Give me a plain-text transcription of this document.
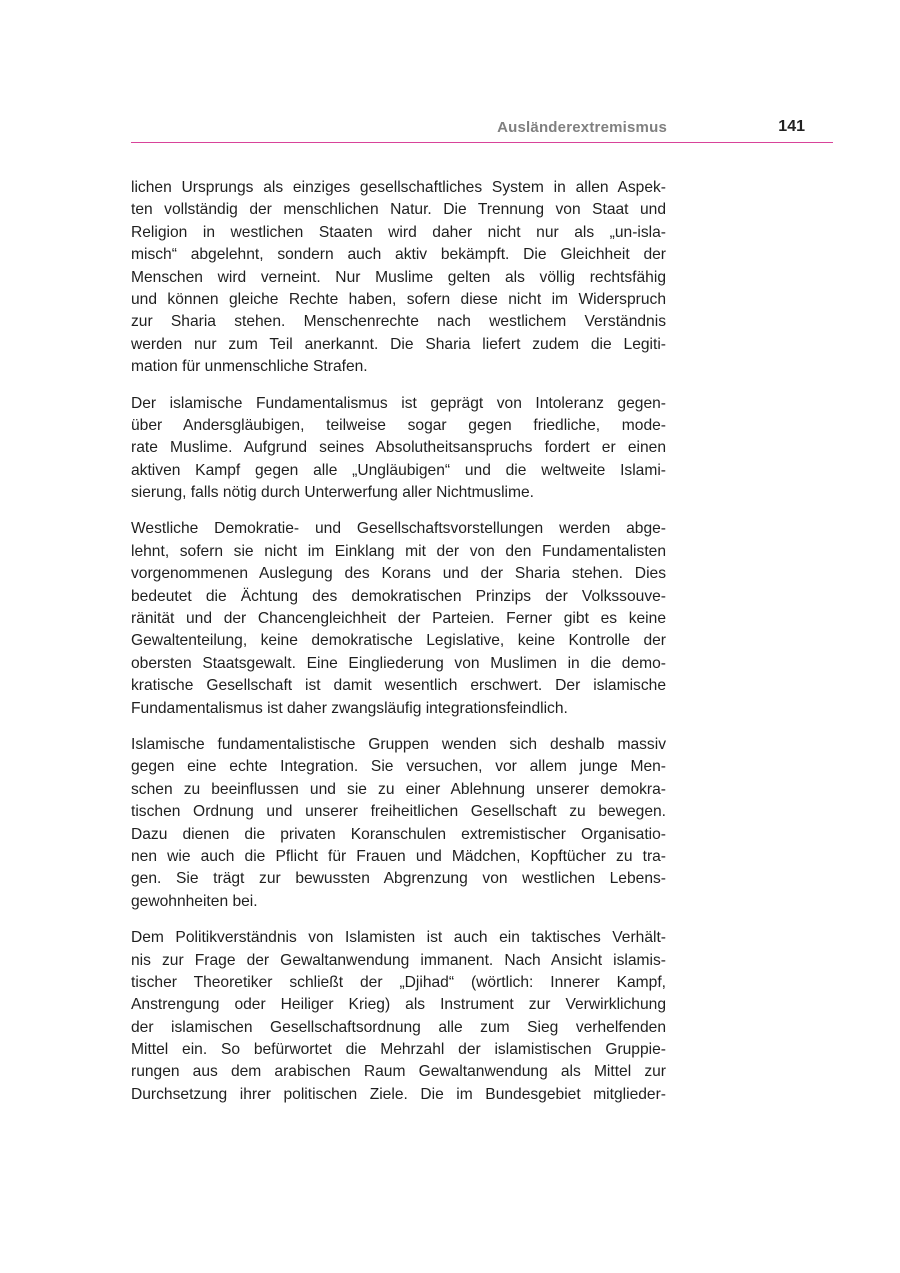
Ausländerextremismus	141
lichen Ursprungs als einziges gesellschaftliches System in allen Aspek-
ten vollständig der menschlichen Natur. Die Trennung von Staat und
Religion in westlichen Staaten wird daher nicht nur als „un-isla-
misch“ abgelehnt, sondern auch aktiv bekämpft. Die Gleichheit der
Menschen wird verneint. Nur Muslime gelten als völlig rechtsfähig
und können gleiche Rechte haben, sofern diese nicht im Widerspruch
zur Sharia stehen. Menschenrechte nach westlichem Verständnis
werden nur zum Teil anerkannt. Die Sharia liefert zudem die Legiti-
mation für unmenschliche Strafen.
Der islamische Fundamentalismus ist geprägt von Intoleranz gegen-
über Andersgläubigen, teilweise sogar gegen friedliche, mode-
rate Muslime. Aufgrund seines Absolutheitsanspruchs fordert er einen
aktiven Kampf gegen alle „Ungläubigen“ und die weltweite Islami-
sierung, falls nötig durch Unterwerfung aller Nichtmuslime.
Westliche Demokratie- und Gesellschaftsvorstellungen werden abge-
lehnt, sofern sie nicht im Einklang mit der von den Fundamentalisten
vorgenommenen Auslegung des Korans und der Sharia stehen. Dies
bedeutet die Ächtung des demokratischen Prinzips der Volkssouve-
ränität und der Chancengleichheit der Parteien. Ferner gibt es keine
Gewaltenteilung, keine demokratische Legislative, keine Kontrolle der
obersten Staatsgewalt. Eine Eingliederung von Muslimen in die demo-
kratische Gesellschaft ist damit wesentlich erschwert. Der islamische
Fundamentalismus ist daher zwangsläufig integrationsfeindlich.
Islamische fundamentalistische Gruppen wenden sich deshalb massiv
gegen eine echte Integration. Sie versuchen, vor allem junge Men-
schen zu beeinflussen und sie zu einer Ablehnung unserer demokra-
tischen Ordnung und unserer freiheitlichen Gesellschaft zu bewegen.
Dazu dienen die privaten Koranschulen extremistischer Organisatio-
nen wie auch die Pflicht für Frauen und Mädchen, Kopftücher zu tra-
gen. Sie trägt zur bewussten Abgrenzung von westlichen Lebens-
gewohnheiten bei.
Dem Politikverständnis von Islamisten ist auch ein taktisches Verhält-
nis zur Frage der Gewaltanwendung immanent. Nach Ansicht islamis-
tischer Theoretiker schließt der „Djihad“ (wörtlich: Innerer Kampf,
Anstrengung oder Heiliger Krieg) als Instrument zur Verwirklichung
der islamischen Gesellschaftsordnung alle zum Sieg verhelfenden
Mittel ein. So befürwortet die Mehrzahl der islamistischen Gruppie-
rungen aus dem arabischen Raum Gewaltanwendung als Mittel zur
Durchsetzung ihrer politischen Ziele. Die im Bundesgebiet mitglieder-
